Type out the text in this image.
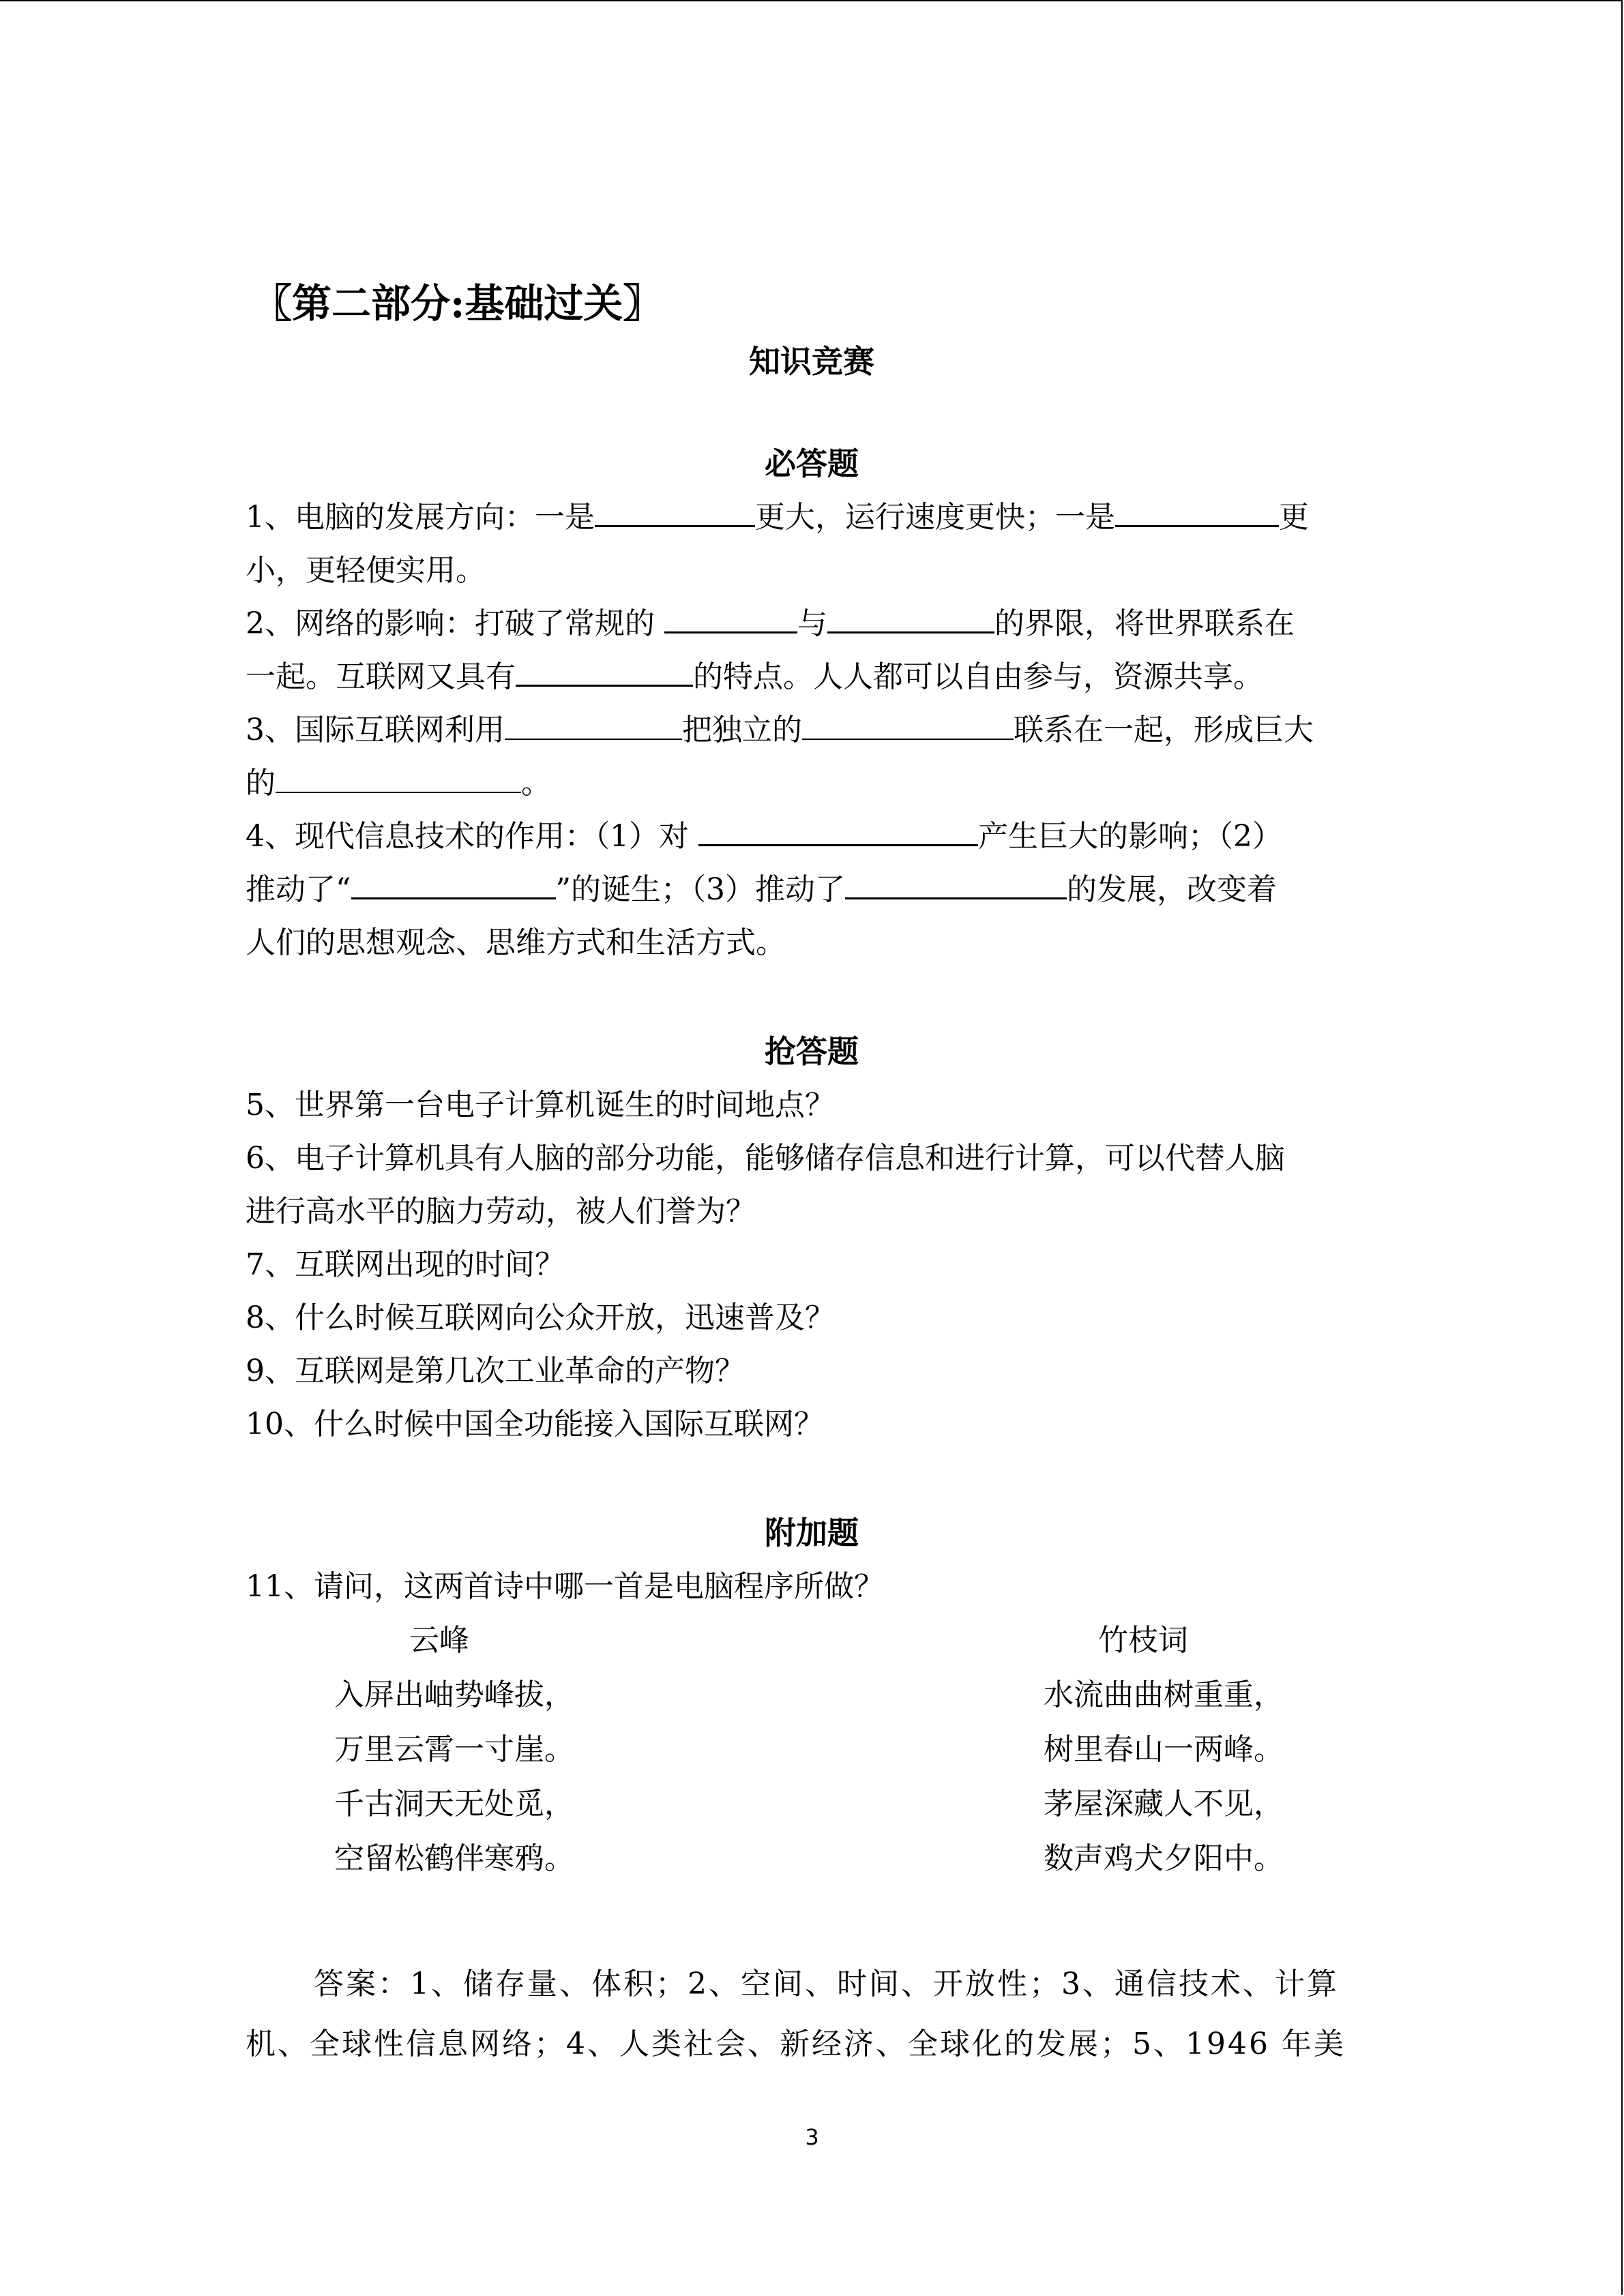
〖第二部分:基础过关〗
知识竞赛
必答题
1、电脑的发展方向：一是	更大，运行速度更快；一是	更
小，更轻便实用。
2、网络的影响：打破了常规的	与	的界限，将世界联系在
一起。互联网又具有	的特点。人人都可以自由参与，资源共享。
3、国际互联网利用	把独立的	联系在一起，形成巨大
的	。
4、现代信息技术的作用：（1）对	产生巨大的影响；（2）
推动了“	”的诞生；（3）推动了	的发展，改变着
人们的思想观念、思维方式和生活方式。
抢答题
5、世界第一台电子计算机诞生的时间地点？
6、电子计算机具有人脑的部分功能，能够储存信息和进行计算，可以代替人脑
进行高水平的脑力劳动，被人们誉为？
7、互联网出现的时间？
8、什么时候互联网向公众开放，迅速普及？
9、互联网是第几次工业革命的产物？
10、什么时候中国全功能接入国际互联网？
附加题
11、请问，这两首诗中哪一首是电脑程序所做？
云峰
入屏出岫势峰拔，
万里云霄一寸崖。
千古洞天无处觅，
空留松鹤伴寒鸦。
竹枝词
水流曲曲树重重，
树里春山一两峰。
茅屋深藏人不见，
数声鸡犬夕阳中。
答案：1、储存量、体积；2、空间、时间、开放性；3、通信技术、计算
机、全球性信息网络；4、人类社会、新经济、全球化的发展；5、1946 年美
3
